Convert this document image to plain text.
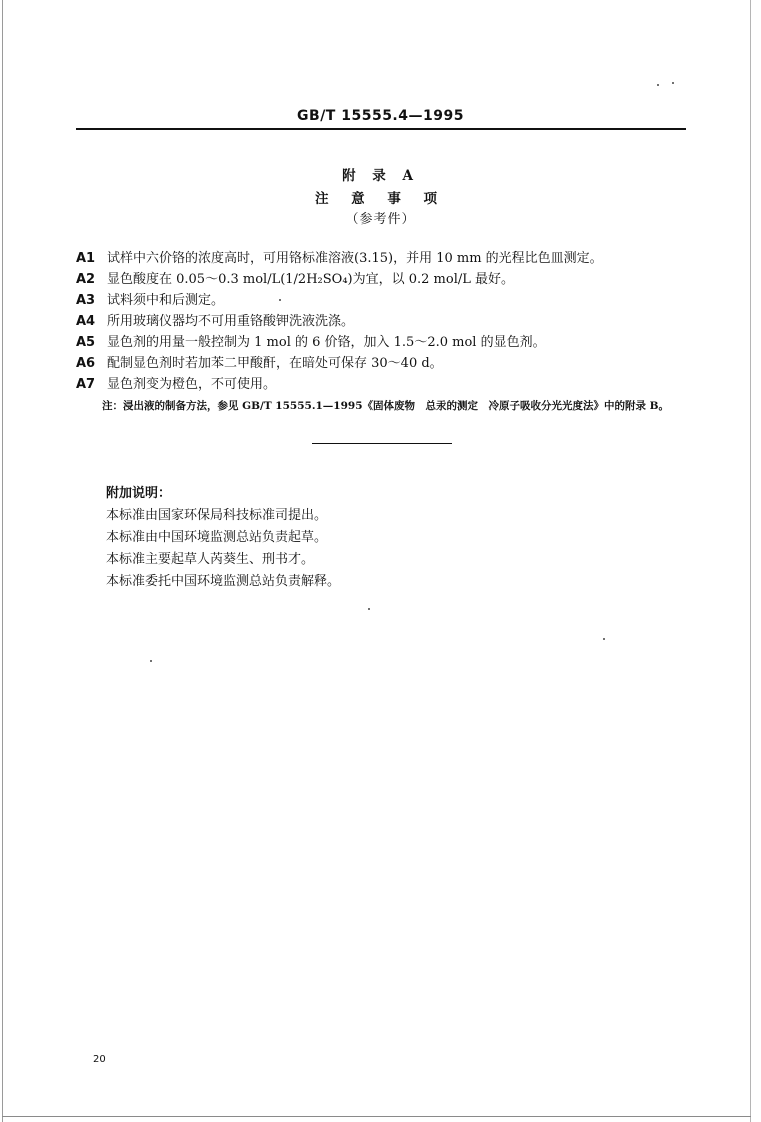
GB/T 15555.4—1995
附 录 A
注 意 事 项
（参考件）
A1 试样中六价铬的浓度高时，可用铬标准溶液(3.15)，并用 10 mm 的光程比色皿测定。
A2 显色酸度在 0.05～0.3 mol/L(1/2H₂SO₄)为宜，以 0.2 mol/L 最好。
A3 试料须中和后测定。
A4 所用玻璃仪器均不可用重铬酸钾洗液洗涤。
A5 显色剂的用量一般控制为 1 mol 的 6 价铬，加入 1.5～2.0 mol 的显色剂。
A6 配制显色剂时若加苯二甲酸酐，在暗处可保存 30～40 d。
A7 显色剂变为橙色，不可使用。
注：浸出液的制备方法，参见 GB/T 15555.1—1995《固体废物　总汞的测定　冷原子吸收分光光度法》中的附录 B。
附加说明：
本标准由国家环保局科技标准司提出。
本标准由中国环境监测总站负责起草。
本标准主要起草人芮葵生、刑书才。
本标准委托中国环境监测总站负责解释。
20
